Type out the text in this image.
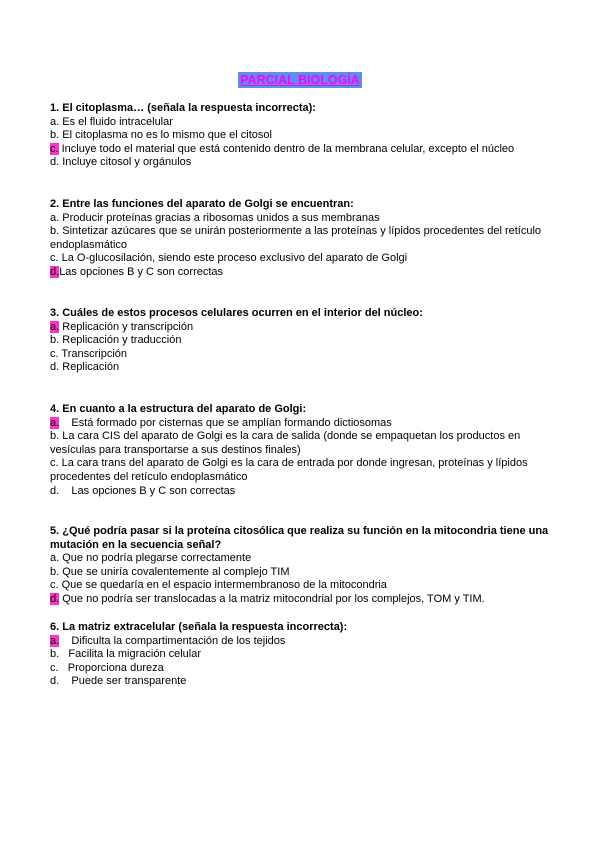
PARCIAL BIOLOGÍA
1. El citoplasma… (señala la respuesta incorrecta):
a. Es el fluido intracelular
b. El citoplasma no es lo mismo que el citosol
c. Incluye todo el material que está contenido dentro de la membrana celular, excepto el núcleo
d. Incluye citosol y orgánulos
2. Entre las funciones del aparato de Golgi se encuentran:
a. Producir proteínas gracias a ribosomas unidos a sus membranas
b. Sintetizar azúcares que se unirán posteriormente a las proteínas y lípidos procedentes del retículo endoplasmático
c. La O-glucosilación, siendo este proceso exclusivo del aparato de Golgi
d.Las opciones B y C son correctas
3. Cuáles de estos procesos celulares ocurren en el interior del núcleo:
a. Replicación y transcripción
b. Replicación y traducción
c. Transcripción
d. Replicación
4. En cuanto a la estructura del aparato de Golgi:
a.    Está formado por cisternas que se amplían formando dictiosomas
b. La cara CIS del aparato de Golgi es la cara de salida (donde se empaquetan los productos en vesículas para transportarse a sus destinos finales)
c. La cara trans del aparato de Golgi es la cara de entrada por donde ingresan, proteínas y lípidos procedentes del retículo endoplasmático
d.    Las opciones B y C son correctas
5. ¿Qué podría pasar si la proteína citosólica que realiza su función en la mitocondria tiene una mutación en la secuencia señal?
a. Que no podría plegarse correctamente
b. Que se uniría covalentemente al complejo TIM
c. Que se quedaría en el espacio intermembranoso de la mitocondria
d. Que no podría ser translocadas a la matriz mitocondrial por los complejos, TOM y TIM.
6. La matriz extracelular (señala la respuesta incorrecta):
a.    Dificulta la compartimentación de los tejidos
b.   Facilita la migración celular
c.   Proporciona dureza
d.    Puede ser transparente
